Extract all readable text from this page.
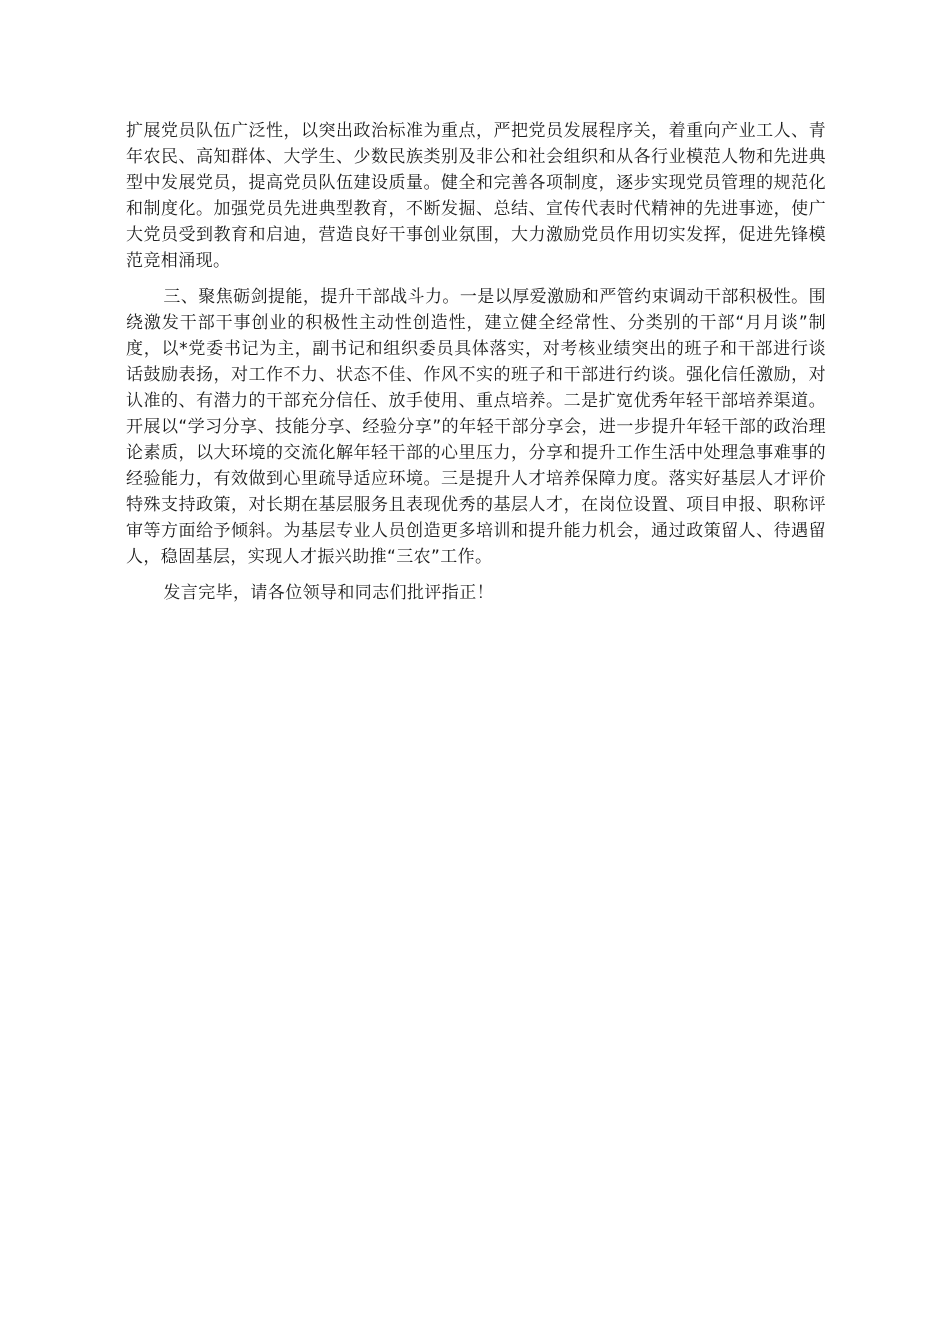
扩展党员队伍广泛性，以突出政治标准为重点，严把党员发展程序关，着重向产业工人、青年农民、高知群体、大学生、少数民族类别及非公和社会组织和从各行业模范人物和先进典型中发展党员，提高党员队伍建设质量。健全和完善各项制度，逐步实现党员管理的规范化和制度化。加强党员先进典型教育，不断发掘、总结、宣传代表时代精神的先进事迹，使广大党员受到教育和启迪，营造良好干事创业氛围，大力激励党员作用切实发挥，促进先锋模范竞相涌现。

三、聚焦砺剑提能，提升干部战斗力。一是以厚爱激励和严管约束调动干部积极性。围绕激发干部干事创业的积极性主动性创造性，建立健全经常性、分类别的干部“月月谈”制度，以*党委书记为主，副书记和组织委员具体落实，对考核业绩突出的班子和干部进行谈话鼓励表扬，对工作不力、状态不佳、作风不实的班子和干部进行约谈。强化信任激励，对认准的、有潜力的干部充分信任、放手使用、重点培养。二是扩宽优秀年轻干部培养渠道。开展以“学习分享、技能分享、经验分享”的年轻干部分享会，进一步提升年轻干部的政治理论素质，以大环境的交流化解年轻干部的心里压力，分享和提升工作生活中处理急事难事的经验能力，有效做到心里疏导适应环境。三是提升人才培养保障力度。落实好基层人才评价特殊支持政策，对长期在基层服务且表现优秀的基层人才，在岗位设置、项目申报、职称评审等方面给予倾斜。为基层专业人员创造更多培训和提升能力机会，通过政策留人、待遇留人，稳固基层，实现人才振兴助推“三农”工作。

发言完毕，请各位领导和同志们批评指正！
